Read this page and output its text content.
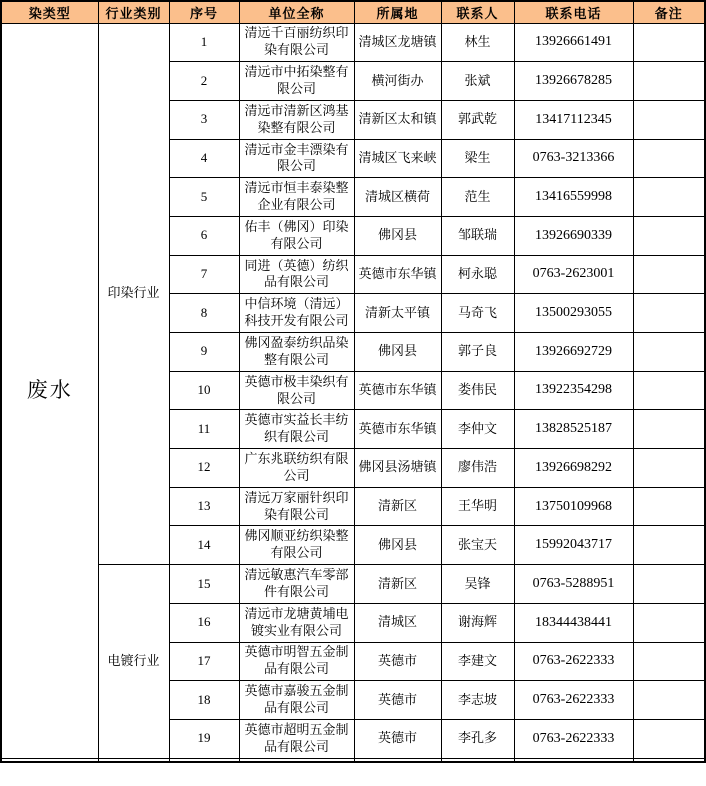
染类型	行业类别	序号	单位全称	所属地	联系人	联系电话	备注
废水	印染行业	1	清远千百丽纺织印染有限公司	清城区龙塘镇	林生	13926661491	
		2	清远市中拓染整有限公司	横河街办	张斌	13926678285	
		3	清远市清新区鸿基染整有限公司	清新区太和镇	郭武乾	13417112345	
		4	清远市金丰漂染有限公司	清城区飞来峡	梁生	0763-3213366	
		5	清远市恒丰泰染整企业有限公司	清城区横荷	范生	13416559998	
		6	佑丰（佛冈）印染有限公司	佛冈县	邹联瑞	13926690339	
		7	同进（英德）纺织品有限公司	英德市东华镇	柯永聪	0763-2623001	
		8	中信环境（清远）科技开发有限公司	清新太平镇	马奇飞	13500293055	
		9	佛冈盈泰纺织品染整有限公司	佛冈县	郭子良	13926692729	
		10	英德市极丰染织有限公司	英德市东华镇	娄伟民	13922354298	
		11	英德市实益长丰纺织有限公司	英德市东华镇	李仲文	13828525187	
		12	广东兆联纺织有限公司	佛冈县汤塘镇	廖伟浩	13926698292	
		13	清远万家丽针织印染有限公司	清新区	王华明	13750109968	
		14	佛冈顺亚纺织染整有限公司	佛冈县	张宝天	15992043717	
	电镀行业	15	清远敏惠汽车零部件有限公司	清新区	吴锋	0763-5288951	
		16	清远市龙塘黄埔电镀实业有限公司	清城区	谢海辉	18344438441	
		17	英德市明智五金制品有限公司	英德市	李建文	0763-2622333	
		18	英德市嘉骏五金制品有限公司	英德市	李志坡	0763-2622333	
		19	英德市超明五金制品有限公司	英德市	李孔多	0763-2622333	
